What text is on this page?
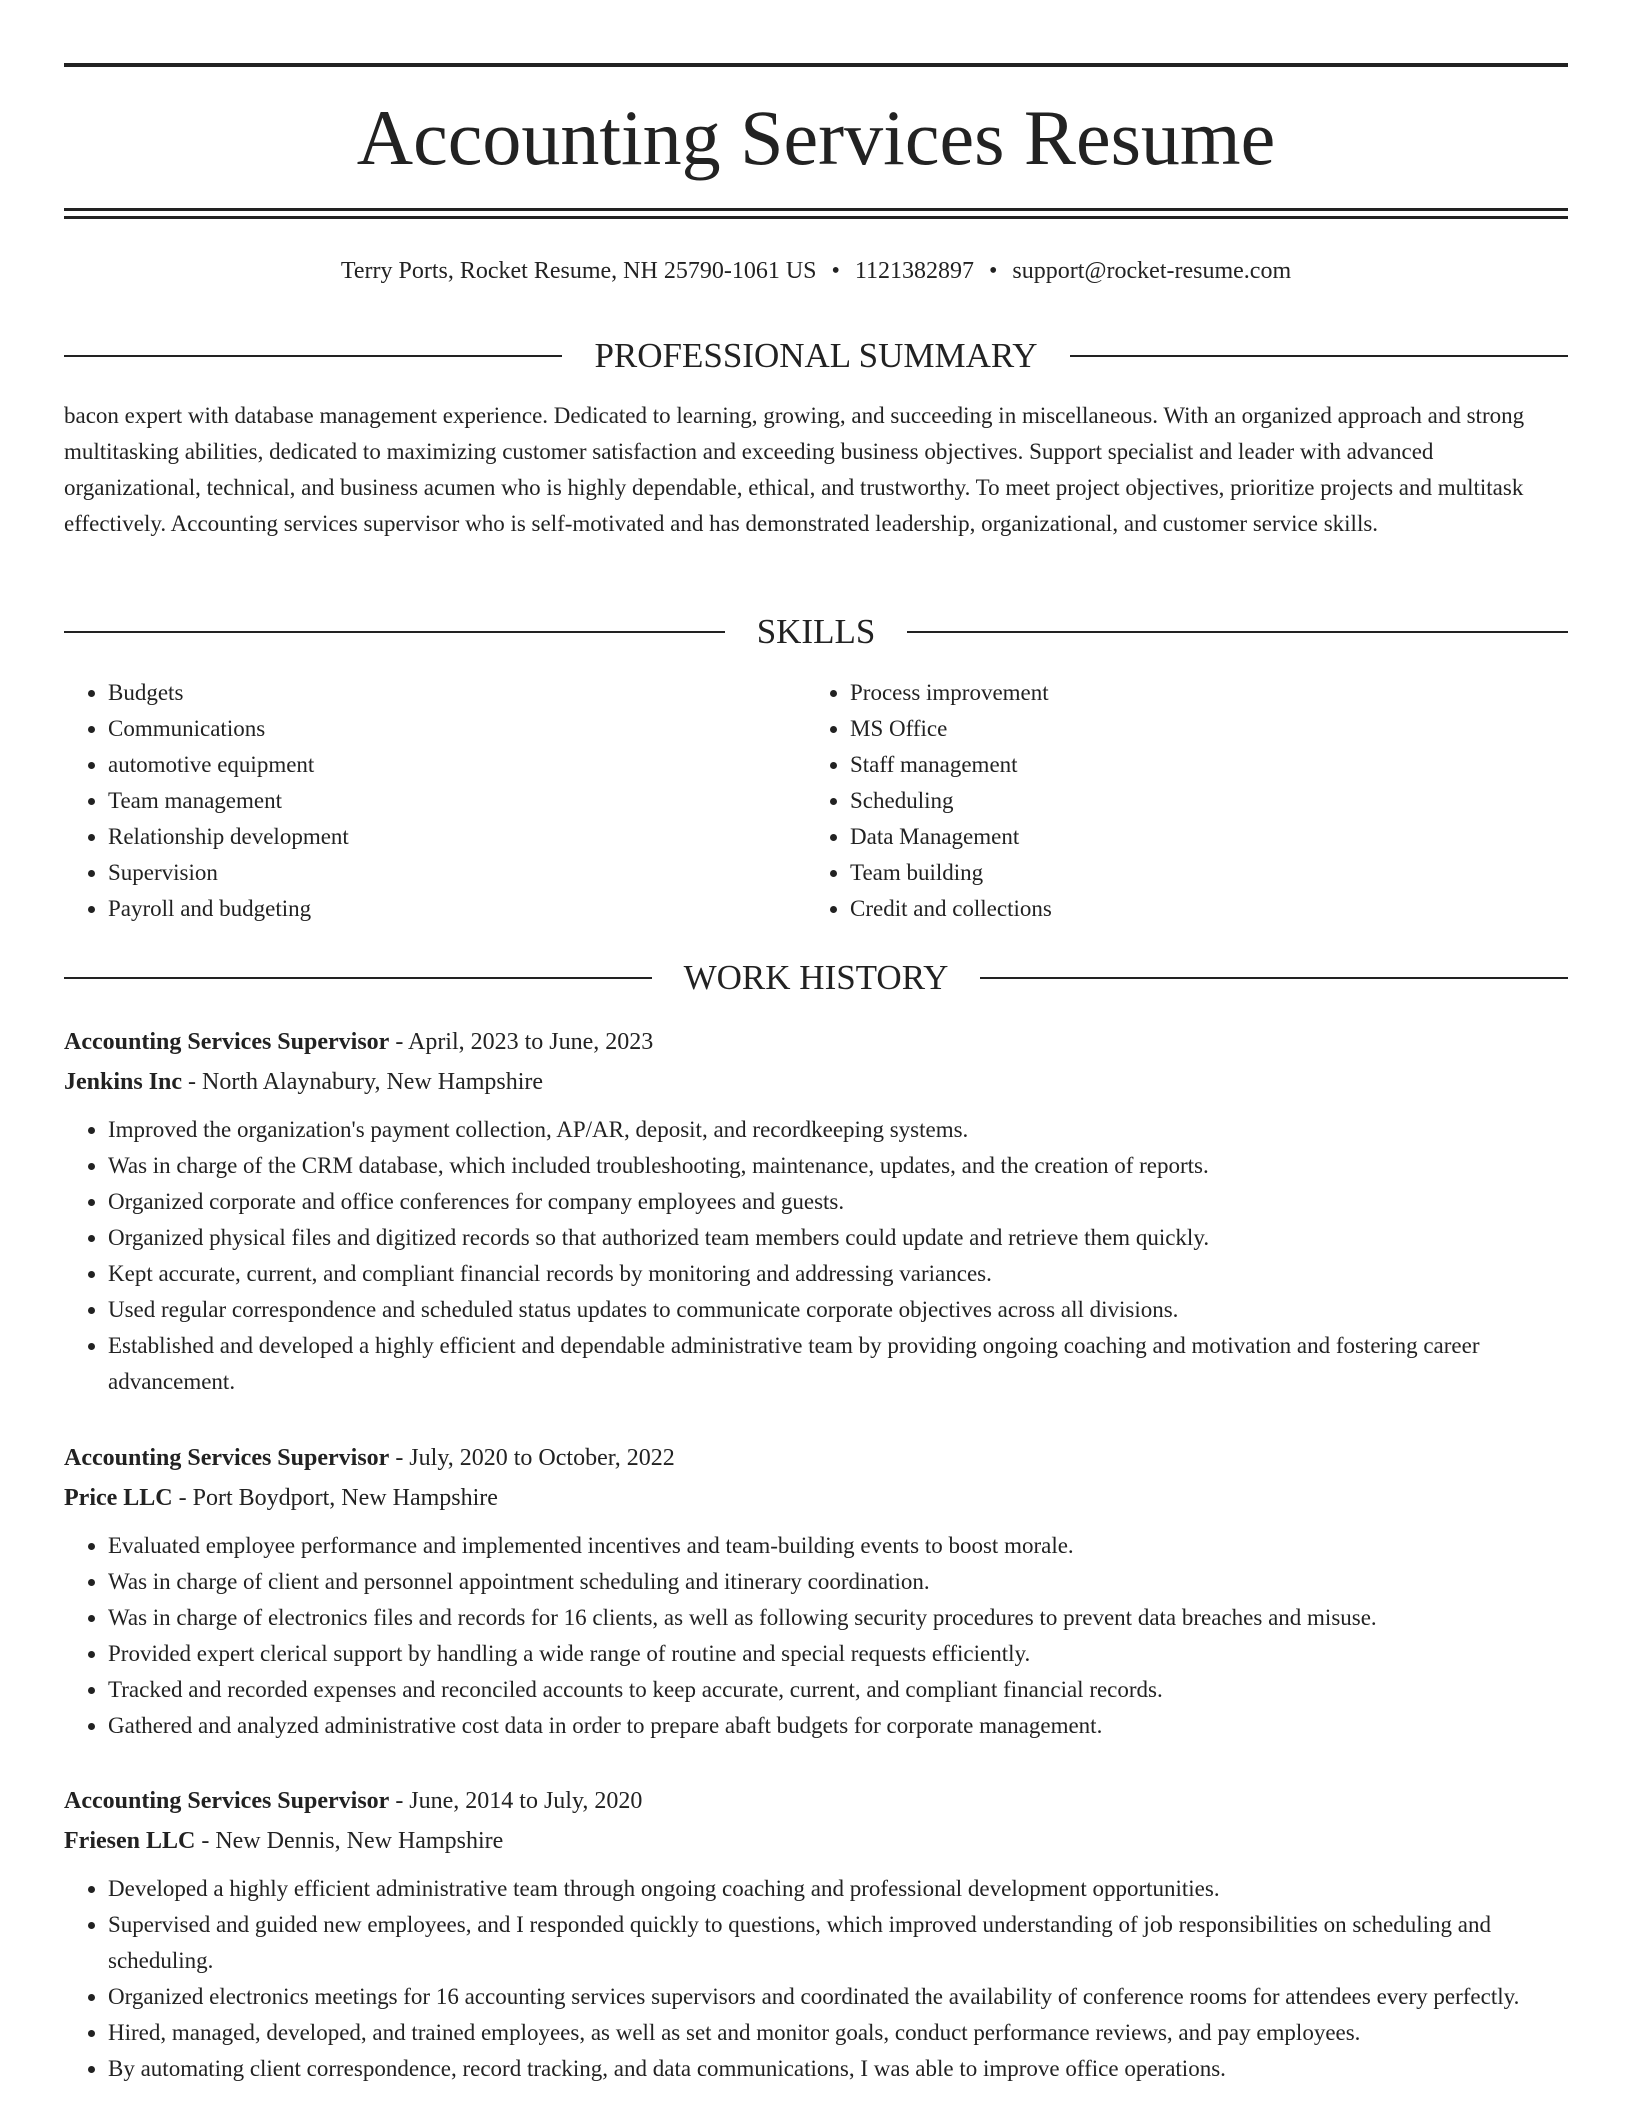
Accounting Services Resume
Terry Ports, Rocket Resume, NH 25790-1061 US • 1121382897 • support@rocket-resume.com
PROFESSIONAL SUMMARY

bacon expert with database management experience. Dedicated to learning, growing, and succeeding in miscellaneous. With an organized approach and strong multitasking abilities, dedicated to maximizing customer satisfaction and exceeding business objectives. Support specialist and leader with advanced organizational, technical, and business acumen who is highly dependable, ethical, and trustworthy. To meet project objectives, prioritize projects and multitask effectively. Accounting services supervisor who is self-motivated and has demonstrated leadership, organizational, and customer service skills.

SKILLS
• Budgets
• Communications
• automotive equipment
• Team management
• Relationship development
• Supervision
• Payroll and budgeting
• Process improvement
• MS Office
• Staff management
• Scheduling
• Data Management
• Team building
• Credit and collections
WORK HISTORY
Accounting Services Supervisor - April, 2023 to June, 2023
Jenkins Inc - North Alaynabury, New Hampshire
• Improved the organization's payment collection, AP/AR, deposit, and recordkeeping systems.
• Was in charge of the CRM database, which included troubleshooting, maintenance, updates, and the creation of reports.
• Organized corporate and office conferences for company employees and guests.
• Organized physical files and digitized records so that authorized team members could update and retrieve them quickly.
• Kept accurate, current, and compliant financial records by monitoring and addressing variances.
• Used regular correspondence and scheduled status updates to communicate corporate objectives across all divisions.
• Established and developed a highly efficient and dependable administrative team by providing ongoing coaching and motivation and fostering career advancement.
Accounting Services Supervisor - July, 2020 to October, 2022
Price LLC - Port Boydport, New Hampshire
• Evaluated employee performance and implemented incentives and team-building events to boost morale.
• Was in charge of client and personnel appointment scheduling and itinerary coordination.
• Was in charge of electronics files and records for 16 clients, as well as following security procedures to prevent data breaches and misuse.
• Provided expert clerical support by handling a wide range of routine and special requests efficiently.
• Tracked and recorded expenses and reconciled accounts to keep accurate, current, and compliant financial records.
• Gathered and analyzed administrative cost data in order to prepare abaft budgets for corporate management.
Accounting Services Supervisor - June, 2014 to July, 2020
Friesen LLC - New Dennis, New Hampshire
• Developed a highly efficient administrative team through ongoing coaching and professional development opportunities.
• Supervised and guided new employees, and I responded quickly to questions, which improved understanding of job responsibilities on scheduling and scheduling.
• Organized electronics meetings for 16 accounting services supervisors and coordinated the availability of conference rooms for attendees every perfectly.
• Hired, managed, developed, and trained employees, as well as set and monitor goals, conduct performance reviews, and pay employees.
• By automating client correspondence, record tracking, and data communications, I was able to improve office operations.
